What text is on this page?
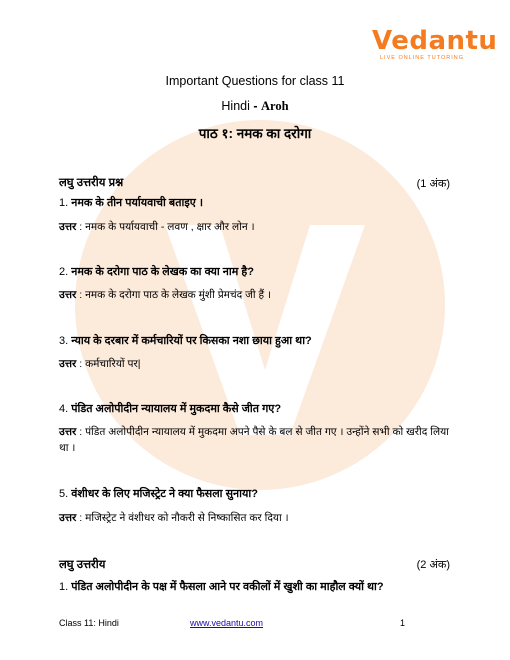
Vedantu
LIVE ONLINE TUTORING
Important Questions for class 11
Hindi - Aroh
पाठ १: नमक का दरोगा
लघु उत्तरीय प्रश्न	(1 अंक)
1. नमक के तीन पर्यायवाची बताइए ।
उत्तर : नमक के पर्यायवाची - लवण , क्षार और लोन ।
2. नमक के दरोगा पाठ के लेखक का क्या नाम है?
उत्तर : नमक के दरोगा पाठ के लेखक मुंशी प्रेमचंद जी हैं ।
3. न्याय के दरबार में कर्मचारियों पर किसका नशा छाया हुआ था?
उत्तर : कर्मचारियों पर|
4. पंडित अलोपीदीन न्यायालय में मुकदमा कैसे जीत गए?
उत्तर : पंडित अलोपीदीन न्यायालय में मुकदमा अपने पैसे के बल से जीत गए । उन्होंने सभी को खरीद लिया था ।
5. वंशीधर के लिए मजिस्ट्रेट ने क्या फैसला सुनाया?
उत्तर : मजिस्ट्रेट ने वंशीधर को नौकरी से निष्कासित कर दिया ।
लघु उत्तरीय	(2 अंक)
1. पंडित अलोपीदीन के पक्ष में फैसला आने पर वकीलों में खुशी का माहौल क्यों था?
Class 11: Hindi	www.vedantu.com	1
